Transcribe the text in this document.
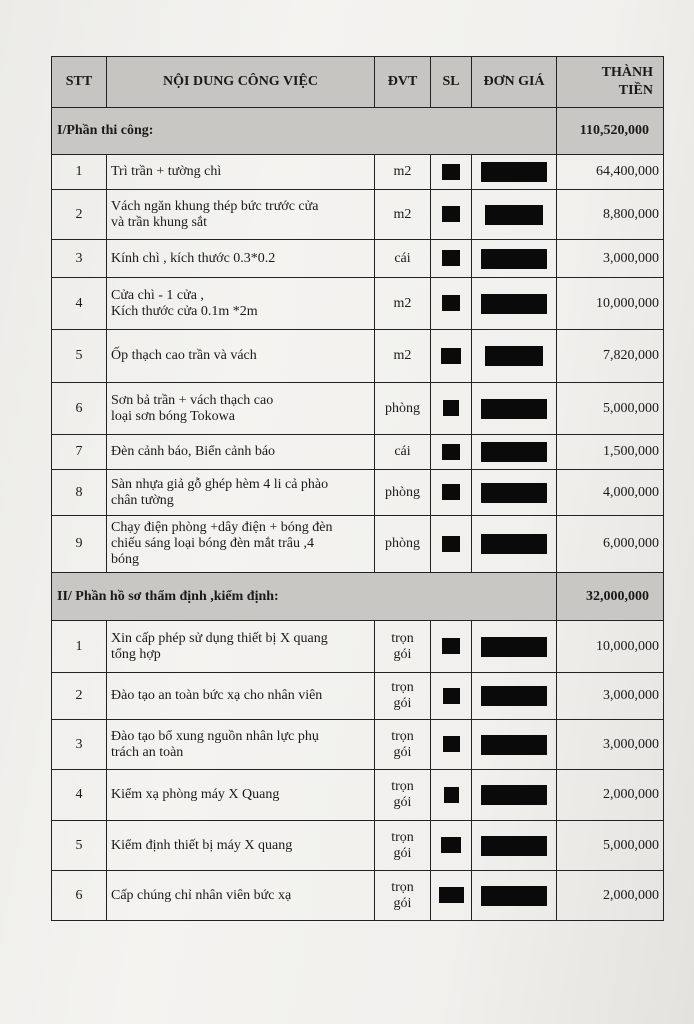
STT	NỘI DUNG CÔNG VIỆC	ĐVT	SL	ĐƠN GIÁ	THÀNH TIỀN
I/Phần thi công:					110,520,000
1	Trì trần + tường chì	m2			64,400,000
2	Vách ngăn khung thép bức trước cửa
và trần khung sắt	m2			8,800,000
3	Kính chì , kích thước 0.3*0.2	cái			3,000,000
4	Cửa chì - 1 cửa ,
Kích thước cửa 0.1m *2m	m2			10,000,000
5	Ốp thạch cao trần và vách	m2			7,820,000
6	Sơn bả trần + vách thạch cao
loại sơn bóng Tokowa	phòng			5,000,000
7	Đèn cảnh báo, Biển cảnh báo	cái			1,500,000
8	Sàn nhựa giả gỗ ghép hèm 4 li cả phào
chân tường	phòng			4,000,000
9	Chạy điện phòng +dây điện + bóng đèn
chiếu sáng loại bóng đèn mắt trâu ,4
bóng	phòng			6,000,000
II/ Phần hồ sơ thẩm định ,kiểm định:					32,000,000
1	Xin cấp phép sử dụng thiết bị X quang
tổng hợp	trọn
gói			10,000,000
2	Đào tạo an toàn bức xạ cho nhân viên	trọn
gói			3,000,000
3	Đào tạo bổ xung nguồn nhân lực phụ
trách an toàn	trọn
gói			3,000,000
4	Kiểm xạ phòng máy X Quang	trọn
gói			2,000,000
5	Kiểm định thiết bị máy X quang	trọn
gói			5,000,000
6	Cấp chúng chỉ nhân viên bức xạ	trọn
gói			2,000,000
